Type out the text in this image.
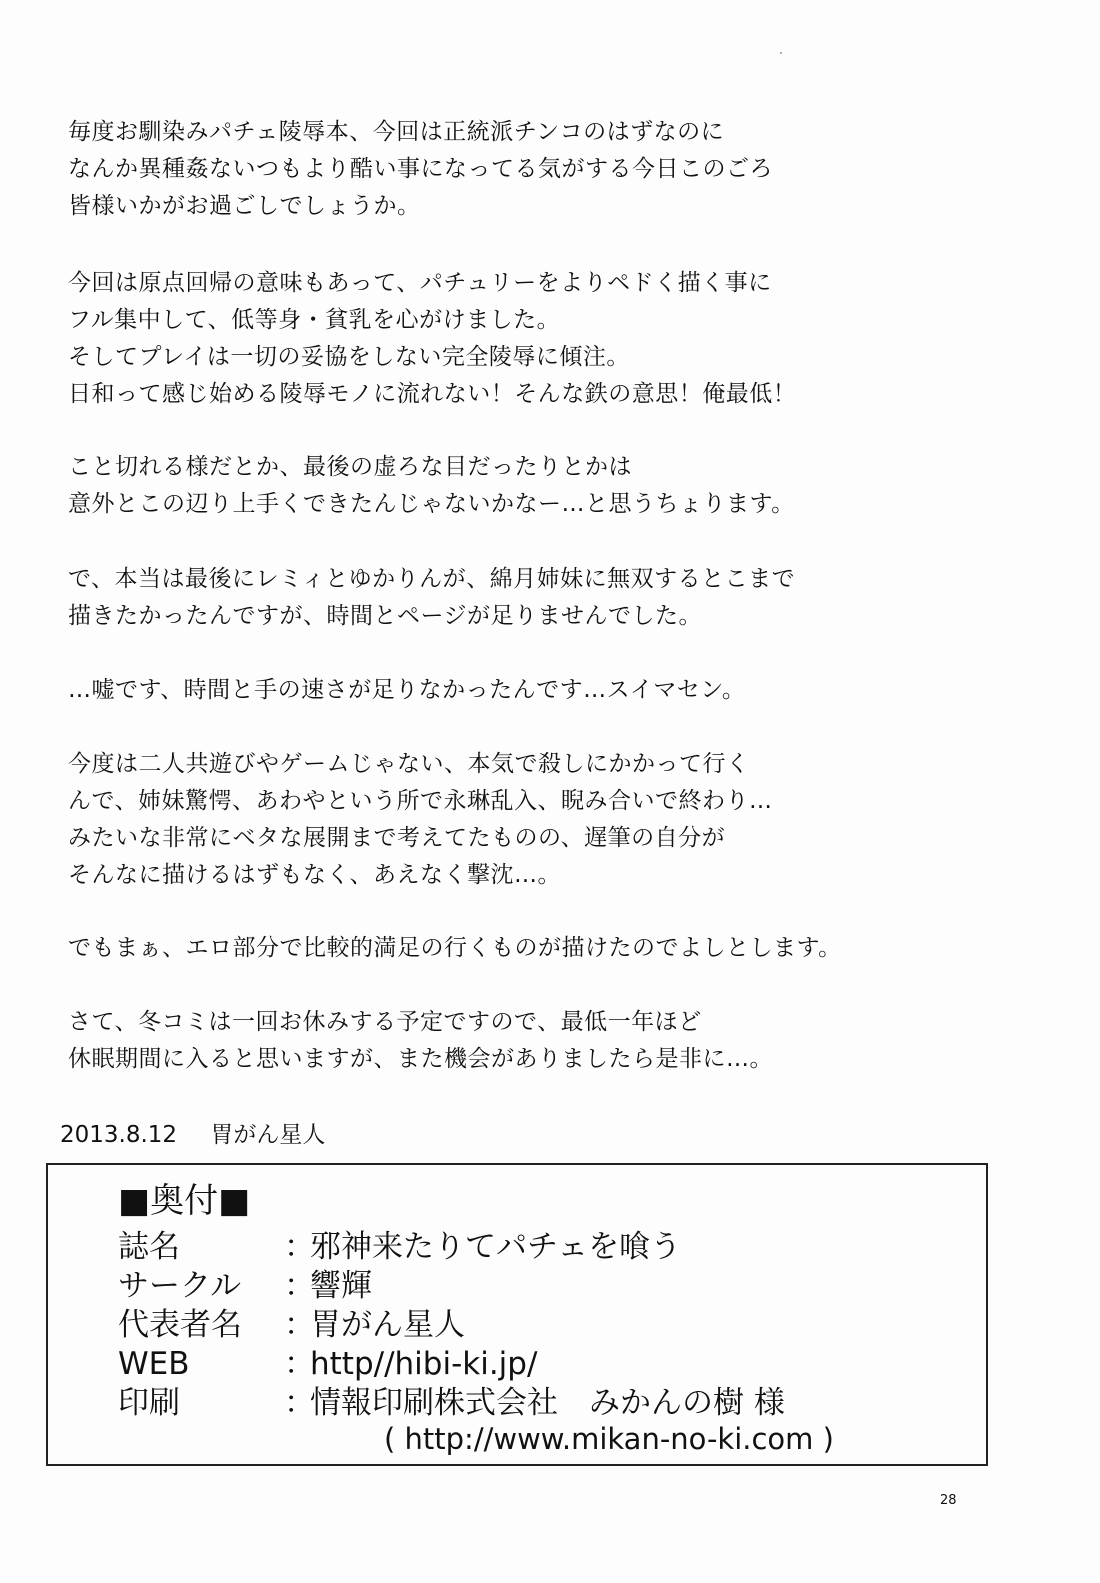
毎度お馴染みパチェ陵辱本、今回は正統派チンコのはずなのに
なんか異種姦ないつもより酷い事になってる気がする今日このごろ
皆様いかがお過ごしでしょうか。
今回は原点回帰の意味もあって、パチュリーをよりペドく描く事に
フル集中して、低等身・貧乳を心がけました。
そしてプレイは一切の妥協をしない完全陵辱に傾注。
日和って感じ始める陵辱モノに流れない！そんな鉄の意思！俺最低！
こと切れる様だとか、最後の虚ろな目だったりとかは
意外とこの辺り上手くできたんじゃないかなー…と思うちょります。
で、本当は最後にレミィとゆかりんが、綿月姉妹に無双するとこまで
描きたかったんですが、時間とページが足りませんでした。
…嘘です、時間と手の速さが足りなかったんです…スイマセン。
今度は二人共遊びやゲームじゃない、本気で殺しにかかって行く
んで、姉妹驚愕、あわやという所で永琳乱入、睨み合いで終わり…
みたいな非常にベタな展開まで考えてたものの、遅筆の自分が
そんなに描けるはずもなく、あえなく撃沈…。
でもまぁ、エロ部分で比較的満足の行くものが描けたのでよしとします。
さて、冬コミは一回お休みする予定ですので、最低一年ほど
休眠期間に入ると思いますが、また機会がありましたら是非に…。
2013.8.12 胃がん星人
■奥付■
誌名	：邪神来たりてパチェを喰う
サークル ：響輝
代表者名 ：胃がん星人
WEB	：http//hibi-ki.jp/
印刷	：情報印刷株式会社　みかんの樹 様
( http://www.mikan-no-ki.com )
28
